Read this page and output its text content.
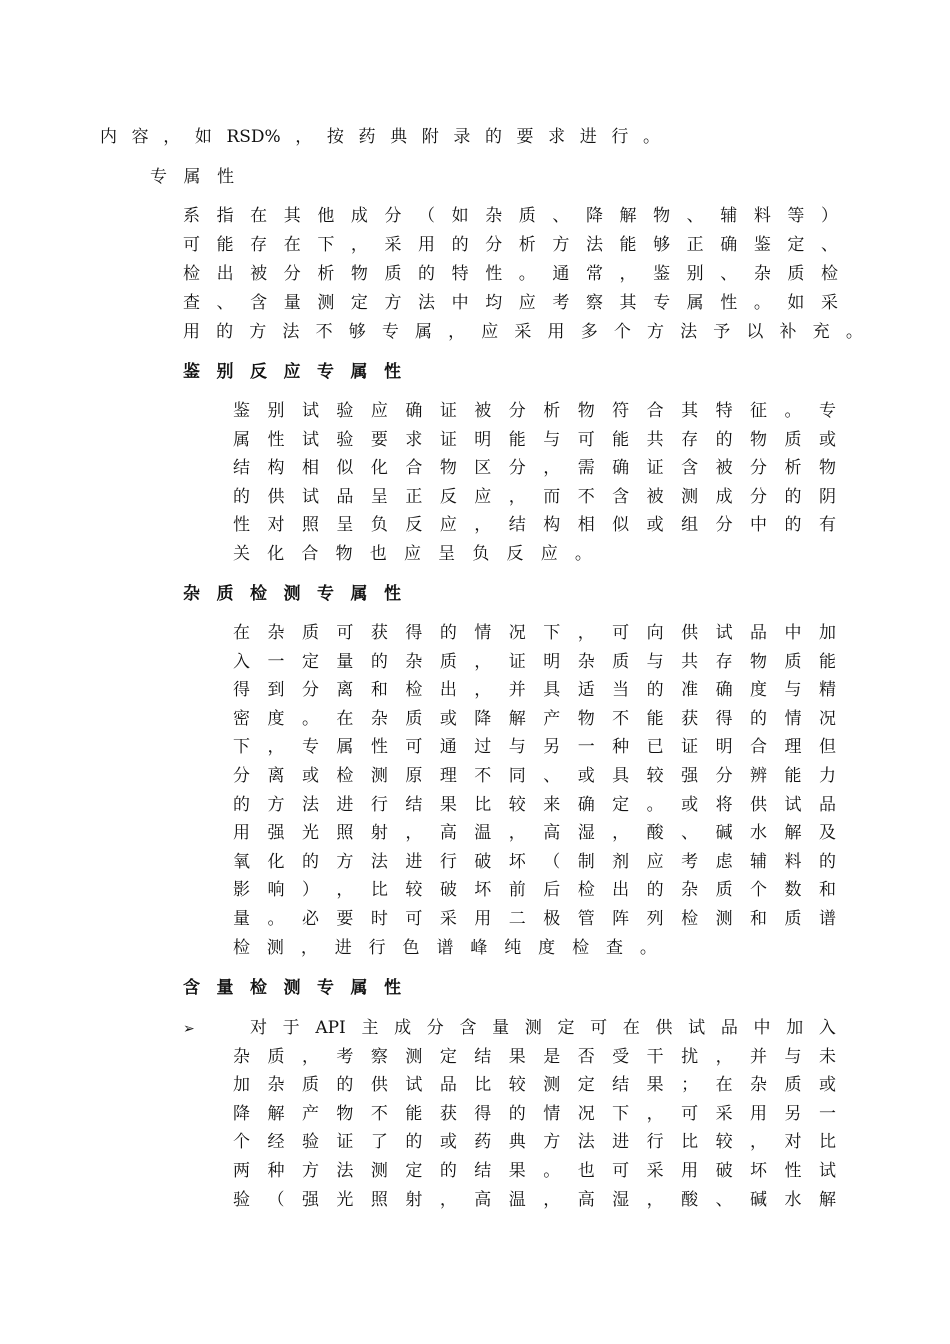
内 容 ， 如 RSD% ， 按 药 典 附 录 的 要 求 进 行 。
专 属 性
系 指 在 其 他 成 分 （ 如 杂 质 、 降 解 物 、 辅 料 等 ）
可 能 存 在 下 ， 采 用 的 分 析 方 法 能 够 正 确 鉴 定 、
检 出 被 分 析 物 质 的 特 性 。 通 常 ， 鉴 别 、 杂 质 检
查 、 含 量 测 定 方 法 中 均 应 考 察 其 专 属 性 。 如 采
用 的 方 法 不 够 专 属 ， 应 采 用 多 个 方 法 予 以 补 充 。
鉴 别 反 应 专 属 性
鉴 别 试 验 应 确 证 被 分 析 物 符 合 其 特 征 。 专
属 性 试 验 要 求 证 明 能 与 可 能 共 存 的 物 质 或
结 构 相 似 化 合 物 区 分 ， 需 确 证 含 被 分 析 物
的 供 试 品 呈 正 反 应 ， 而 不 含 被 测 成 分 的 阴
性 对 照 呈 负 反 应 ， 结 构 相 似 或 组 分 中 的 有
关 化 合 物 也 应 呈 负 反 应 。
杂 质 检 测 专 属 性
在 杂 质 可 获 得 的 情 况 下 ， 可 向 供 试 品 中 加
入 一 定 量 的 杂 质 ， 证 明 杂 质 与 共 存 物 质 能
得 到 分 离 和 检 出 ， 并 具 适 当 的 准 确 度 与 精
密 度 。 在 杂 质 或 降 解 产 物 不 能 获 得 的 情 况
下 ， 专 属 性 可 通 过 与 另 一 种 已 证 明 合 理 但
分 离 或 检 测 原 理 不 同 、 或 具 较 强 分 辨 能 力
的 方 法 进 行 结 果 比 较 来 确 定 。 或 将 供 试 品
用 强 光 照 射 ， 高 温 ， 高 湿 ， 酸 、 碱 水 解 及
氧 化 的 方 法 进 行 破 坏 （ 制 剂 应 考 虑 辅 料 的
影 响 ） ， 比 较 破 坏 前 后 检 出 的 杂 质 个 数 和
量 。 必 要 时 可 采 用 二 极 管 阵 列 检 测 和 质 谱
检 测 ， 进 行 色 谱 峰 纯 度 检 查 。
含 量 检 测 专 属 性
对 于 API 主 成 分 含 量 测 定 可 在 供 试 品 中 加 入
杂 质 ， 考 察 测 定 结 果 是 否 受 干 扰 ， 并 与 未
加 杂 质 的 供 试 品 比 较 测 定 结 果 ； 在 杂 质 或
降 解 产 物 不 能 获 得 的 情 况 下 ， 可 采 用 另 一
个 经 验 证 了 的 或 药 典 方 法 进 行 比 较 ， 对 比
两 种 方 法 测 定 的 结 果 。 也 可 采 用 破 坏 性 试
验 （ 强 光 照 射 ， 高 温 ， 高 湿 ， 酸 、 碱 水 解
➢
